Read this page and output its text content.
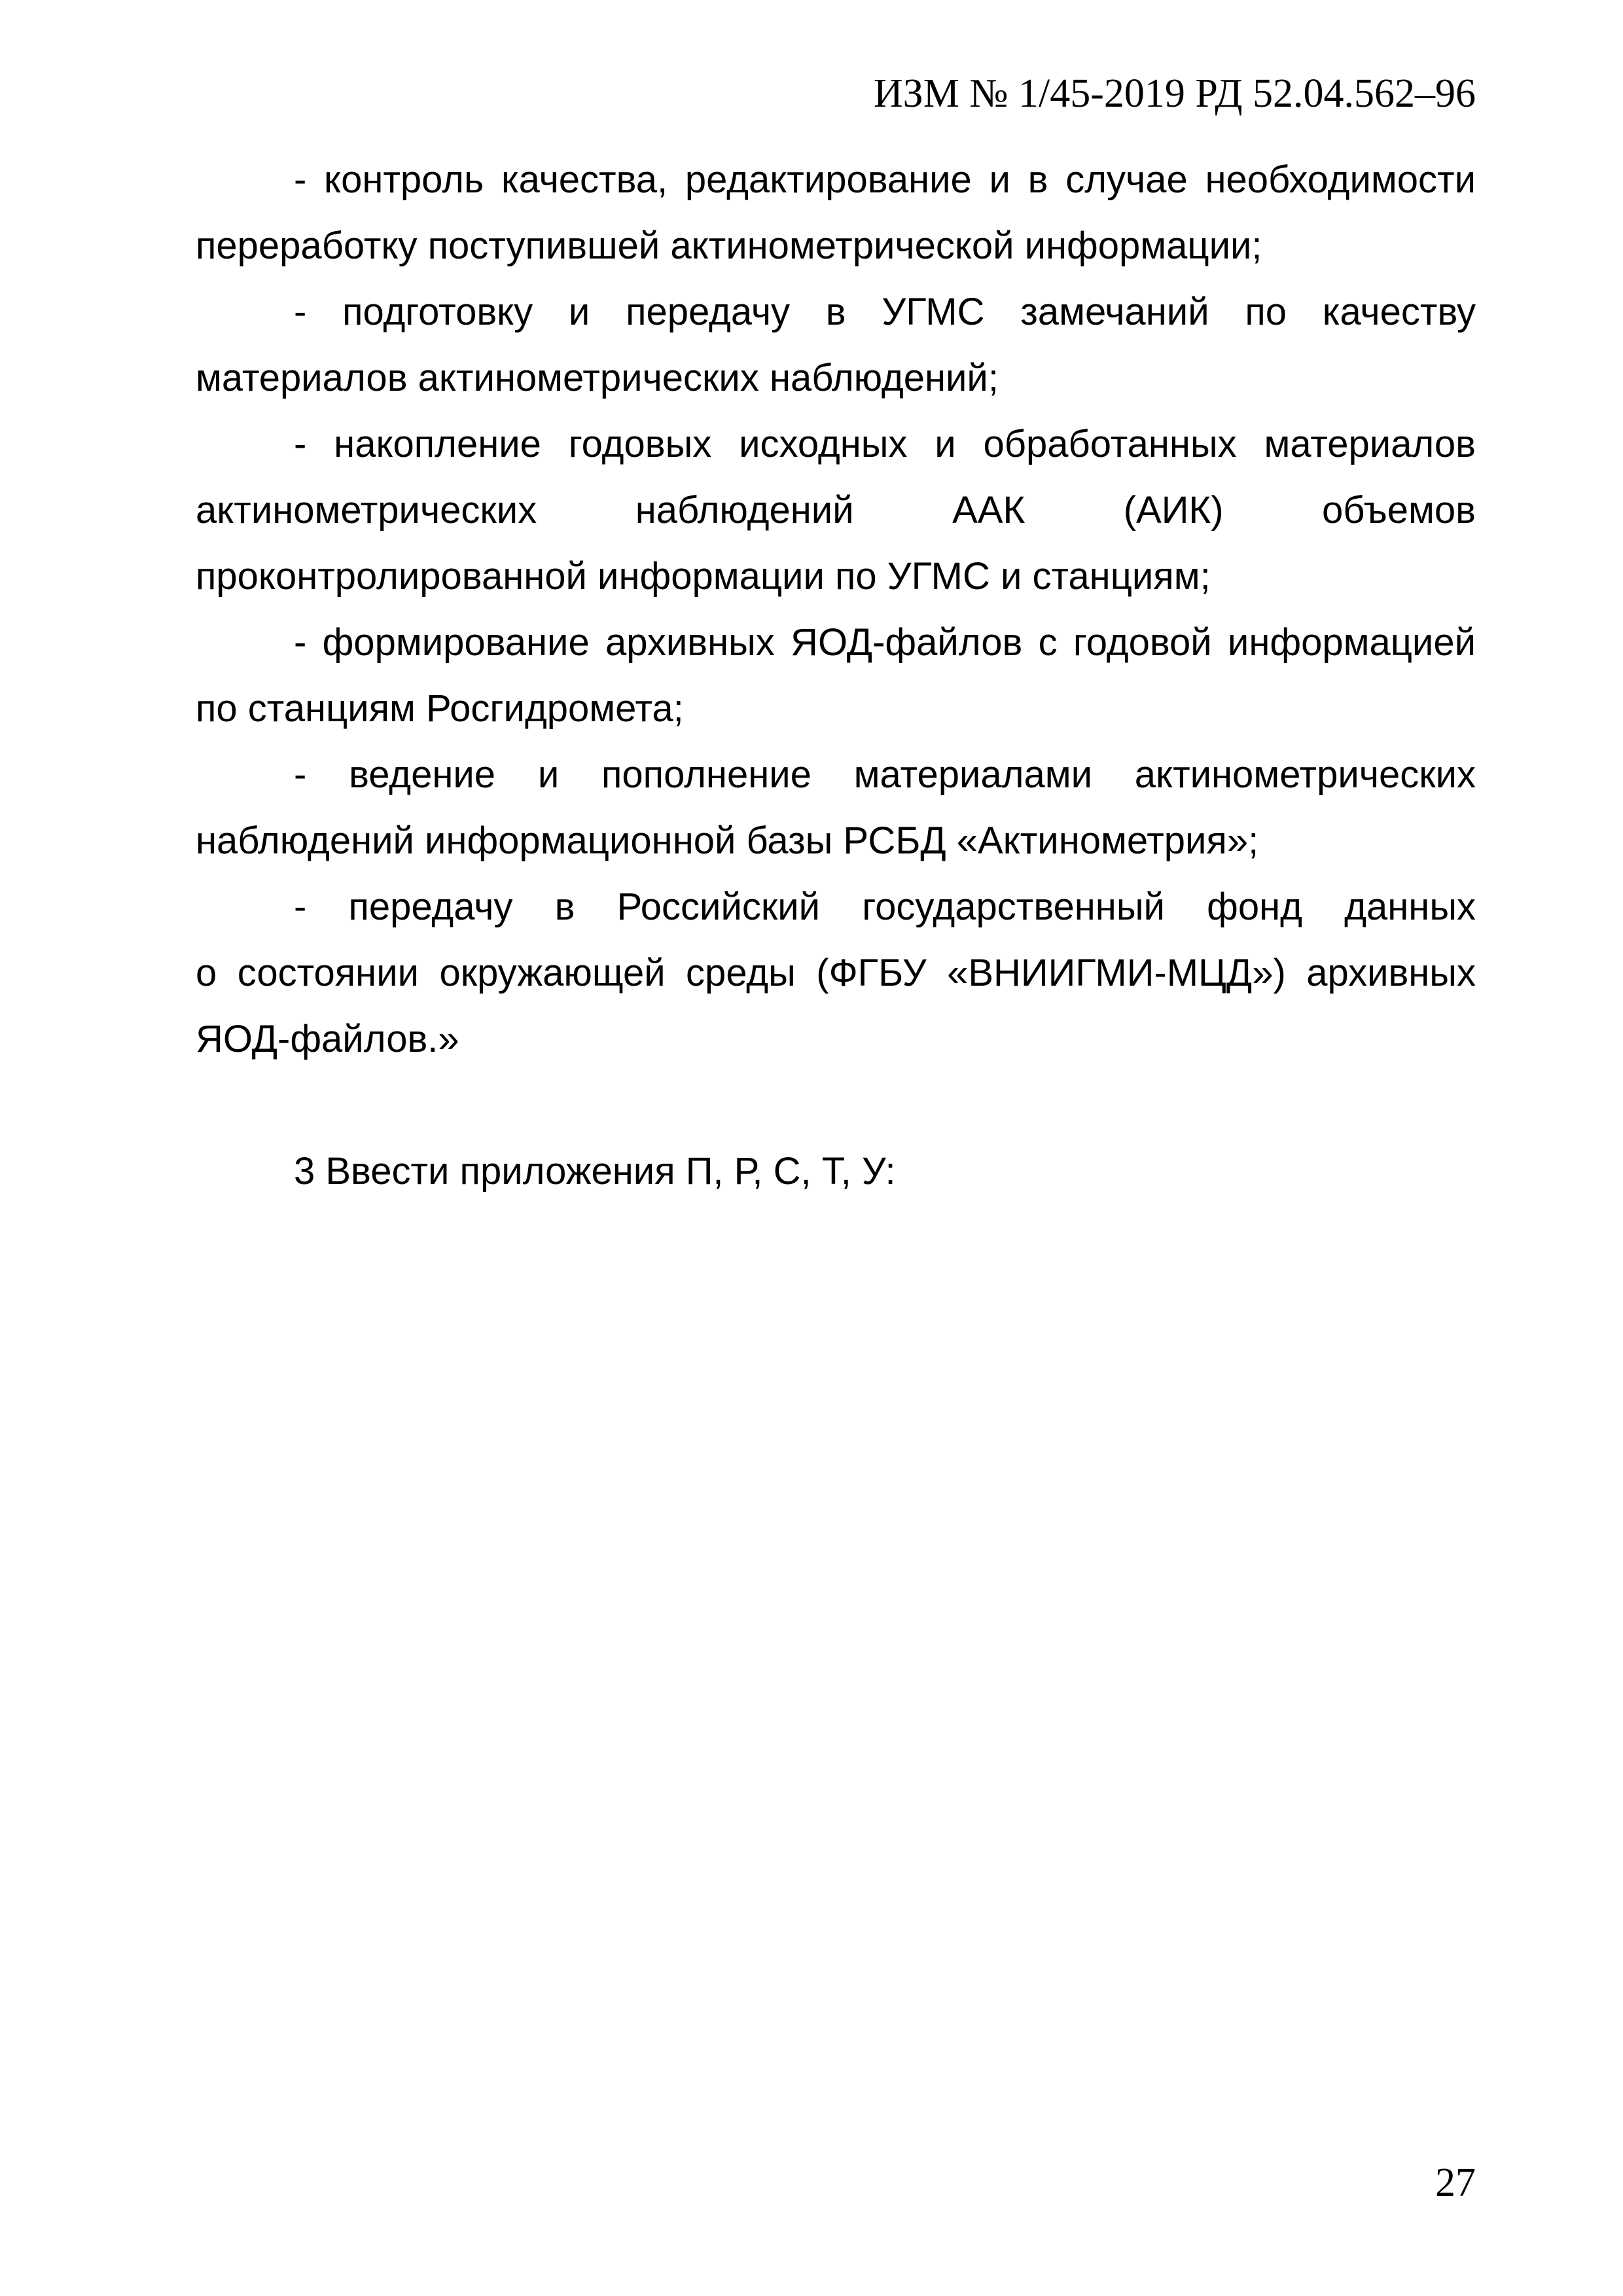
ИЗМ № 1/45-2019 РД 52.04.562–96
- контроль качества, редактирование и в случае необходимости
переработку поступившей актинометрической информации;
- подготовку и передачу в УГМС замечаний по качеству
материалов актинометрических наблюдений;
- накопление годовых исходных и обработанных материалов
актинометрических наблюдений ААК (АИК) объемов
проконтролированной информации по УГМС и станциям;
- формирование архивных ЯОД-файлов с годовой информацией
по станциям Росгидромета;
- ведение и пополнение материалами актинометрических
наблюдений информационной базы РСБД «Актинометрия»;
- передачу в Российский государственный фонд данных
о состоянии окружающей среды (ФГБУ «ВНИИГМИ-МЦД») архивных
ЯОД-файлов.»
3 Ввести приложения П, Р, С, Т, У:
27
